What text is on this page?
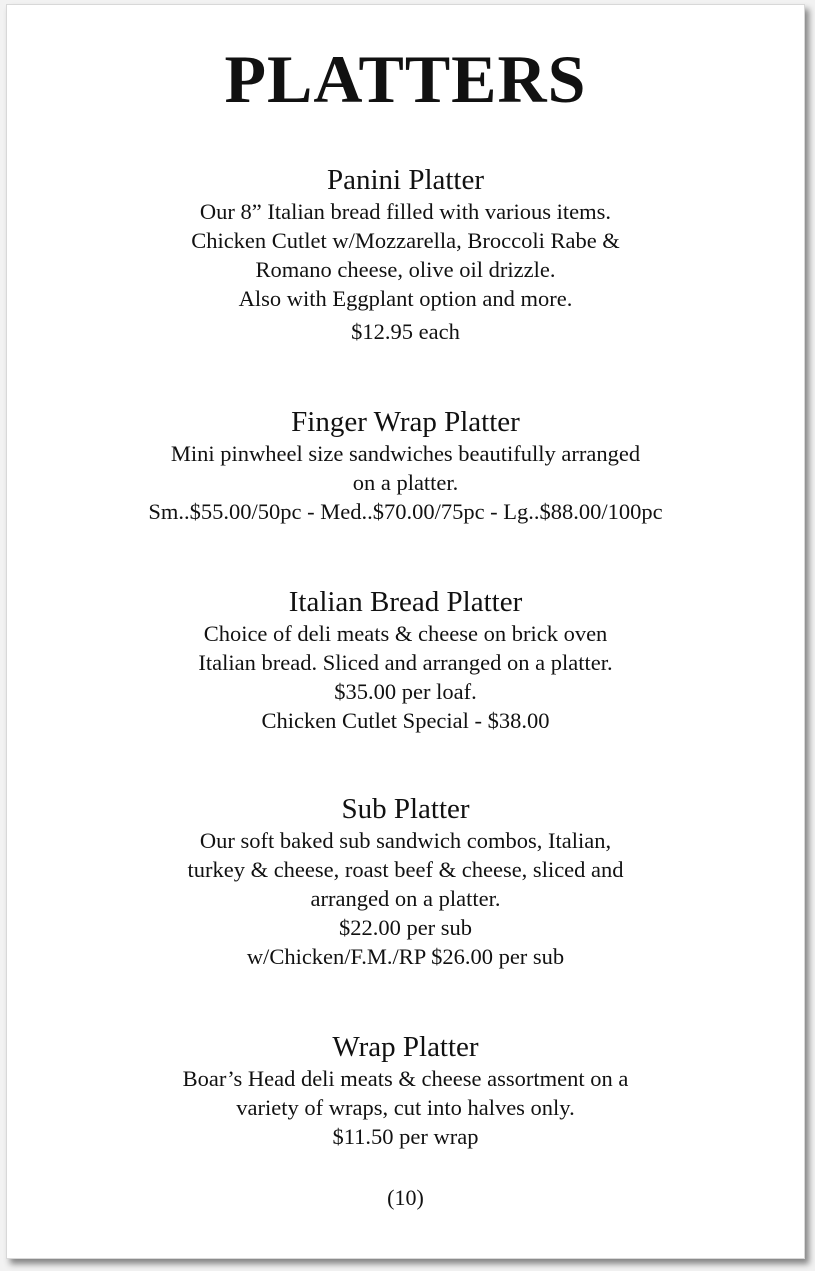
PLATTERS
Panini Platter
Our 8” Italian bread filled with various items.
Chicken Cutlet w/Mozzarella, Broccoli Rabe &
Romano cheese, olive oil drizzle.
Also with Eggplant option and more.
$12.95 each
Finger Wrap Platter
Mini pinwheel size sandwiches beautifully arranged
on a platter.
Sm..$55.00/50pc - Med..$70.00/75pc - Lg..$88.00/100pc
Italian Bread Platter
Choice of deli meats & cheese on brick oven
Italian bread. Sliced and arranged on a platter.
$35.00 per loaf.
Chicken Cutlet Special - $38.00
Sub Platter
Our soft baked sub sandwich combos, Italian,
turkey & cheese, roast beef & cheese, sliced and
arranged on a platter.
$22.00 per sub
w/Chicken/F.M./RP $26.00 per sub
Wrap Platter
Boar’s Head deli meats & cheese assortment on a
variety of wraps, cut into halves only.
$11.50 per wrap
(10)
